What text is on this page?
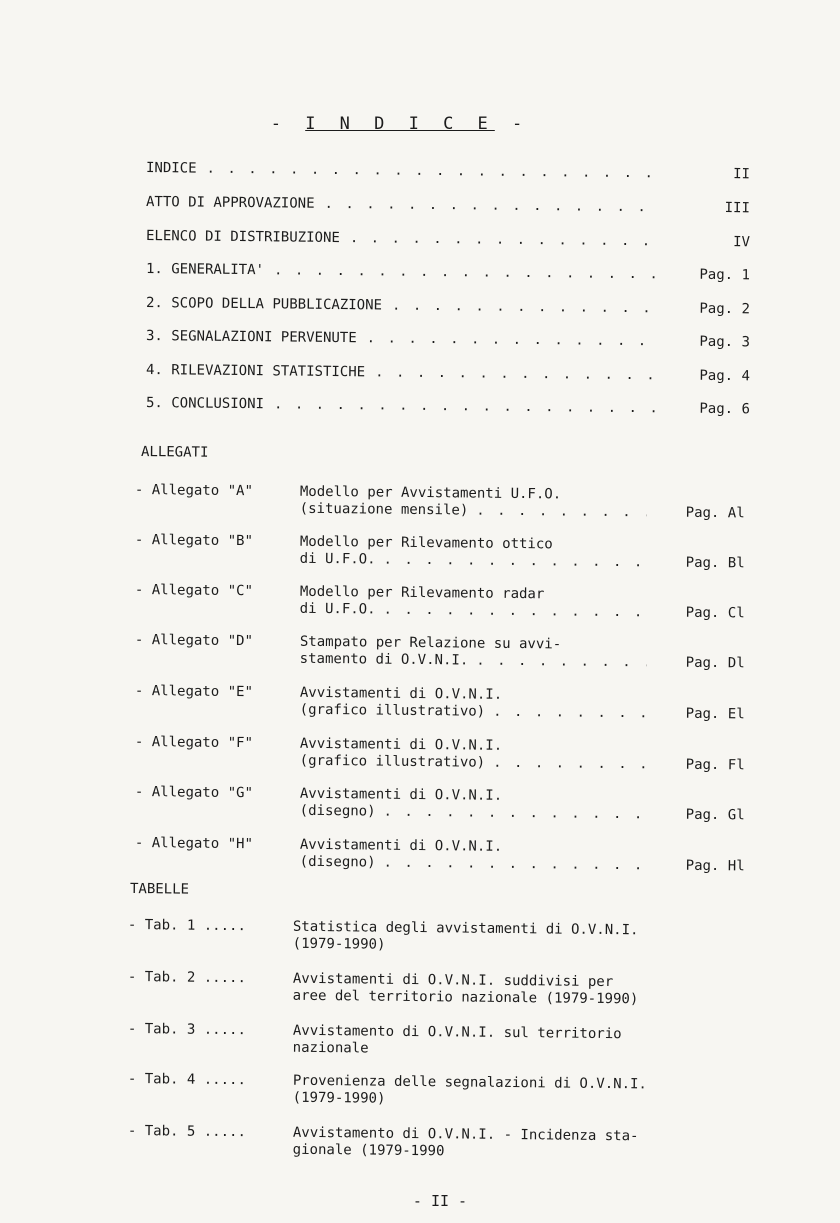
- I N D I C E -
INDICE . . .	II
ATTO DI APPROVAZIONE . . .	III
ELENCO DI DISTRIBUZIONE . . .	IV
1. GENERALITA' . . .	Pag. 1
2. SCOPO DELLA PUBBLICAZIONE . . .	Pag. 2
3. SEGNALAZIONI PERVENUTE . . .	Pag. 3
4. RILEVAZIONI STATISTICHE . . .	Pag. 4
5. CONCLUSIONI . . .	Pag. 6
ALLEGATI
- Allegato "A"	Modello per Avvistamenti U.F.O.
(situazione mensile) . . .	Pag. Al
- Allegato "B"	Modello per Rilevamento ottico
di U.F.O. . . .	Pag. Bl
- Allegato "C"	Modello per Rilevamento radar
di U.F.O. . . .	Pag. Cl
- Allegato "D"	Stampato per Relazione su avvi-
stamento di O.V.N.I. . . .	Pag. Dl
- Allegato "E"	Avvistamenti di O.V.N.I.
(grafico illustrativo) . . .	Pag. El
- Allegato "F"	Avvistamenti di O.V.N.I.
(grafico illustrativo) . . .	Pag. Fl
- Allegato "G"	Avvistamenti di O.V.N.I.
(disegno) . . .	Pag. Gl
- Allegato "H"	Avvistamenti di O.V.N.I.
(disegno) . . .	Pag. Hl
TABELLE
- Tab. 1 .....	Statistica degli avvistamenti di O.V.N.I.
(1979-1990)
- Tab. 2 .....	Avvistamenti di O.V.N.I. suddivisi per
aree del territorio nazionale (1979-1990)
- Tab. 3 .....	Avvistamento di O.V.N.I. sul territorio
nazionale
- Tab. 4 .....	Provenienza delle segnalazioni di O.V.N.I.
(1979-1990)
- Tab. 5 .....	Avvistamento di O.V.N.I. - Incidenza sta-
gionale (1979-1990
- II -
